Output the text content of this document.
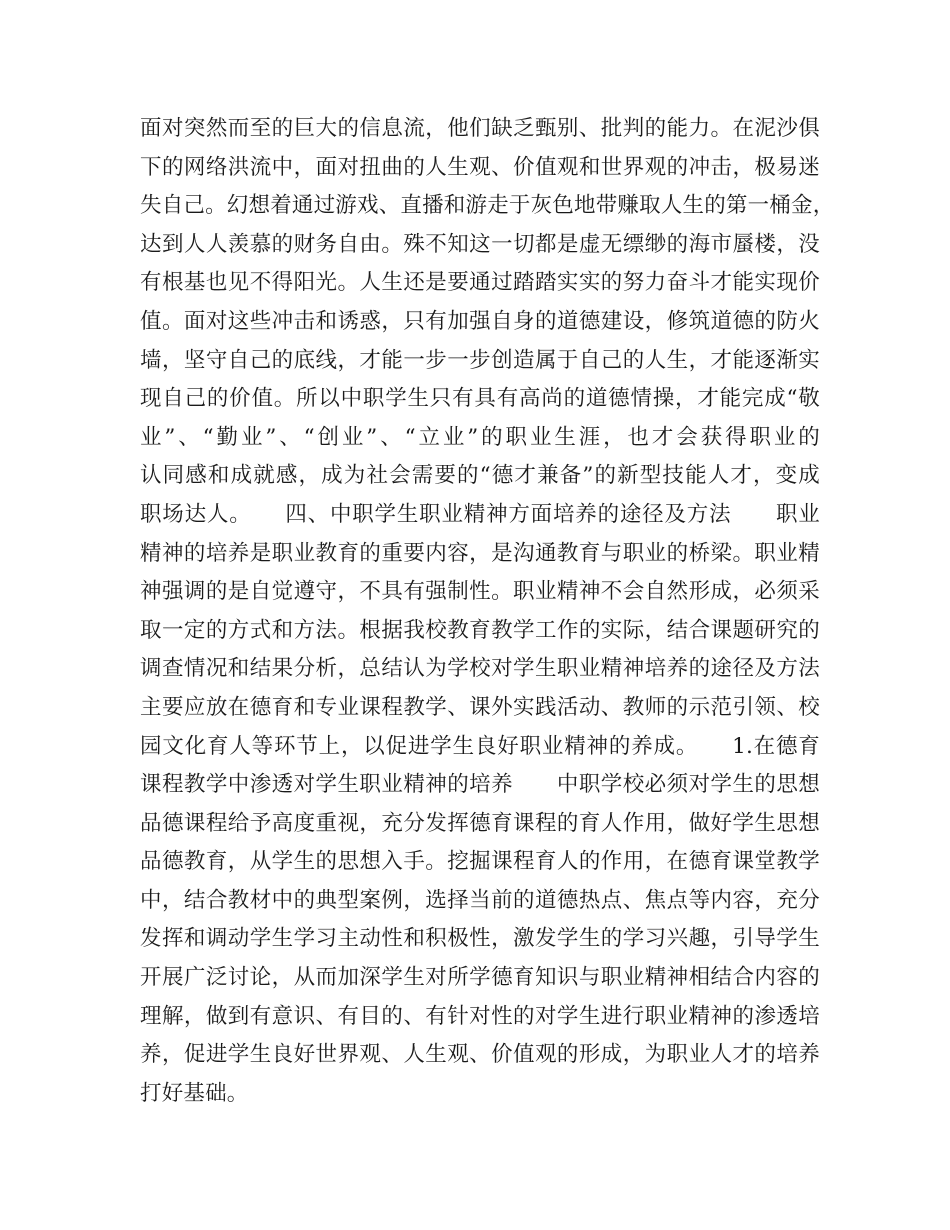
面对突然而至的巨大的信息流，他们缺乏甄别、批判的能力。在泥沙俱
下的网络洪流中，面对扭曲的人生观、价值观和世界观的冲击，极易迷
失自己。幻想着通过游戏、直播和游走于灰色地带赚取人生的第一桶金，
达到人人羡慕的财务自由。殊不知这一切都是虚无缥缈的海市蜃楼，没
有根基也见不得阳光。人生还是要通过踏踏实实的努力奋斗才能实现价
值。面对这些冲击和诱惑，只有加强自身的道德建设，修筑道德的防火
墙，坚守自己的底线，才能一步一步创造属于自己的人生，才能逐渐实
现自己的价值。所以中职学生只有具有高尚的道德情操，才能完成“敬
业”、“勤业”、“创业”、“立业”的职业生涯，也才会获得职业的
认同感和成就感，成为社会需要的“德才兼备”的新型技能人才，变成
职场达人。　　四、中职学生职业精神方面培养的途径及方法　　职业
精神的培养是职业教育的重要内容，是沟通教育与职业的桥梁。职业精
神强调的是自觉遵守，不具有强制性。职业精神不会自然形成，必须采
取一定的方式和方法。根据我校教育教学工作的实际，结合课题研究的
调查情况和结果分析，总结认为学校对学生职业精神培养的途径及方法
主要应放在德育和专业课程教学、课外实践活动、教师的示范引领、校
园文化育人等环节上，以促进学生良好职业精神的养成。　　1.在德育
课程教学中渗透对学生职业精神的培养　　中职学校必须对学生的思想
品德课程给予高度重视，充分发挥德育课程的育人作用，做好学生思想
品德教育，从学生的思想入手。挖掘课程育人的作用，在德育课堂教学
中，结合教材中的典型案例，选择当前的道德热点、焦点等内容，充分
发挥和调动学生学习主动性和积极性，激发学生的学习兴趣，引导学生
开展广泛讨论，从而加深学生对所学德育知识与职业精神相结合内容的
理解，做到有意识、有目的、有针对性的对学生进行职业精神的渗透培
养，促进学生良好世界观、人生观、价值观的形成，为职业人才的培养
打好基础。
